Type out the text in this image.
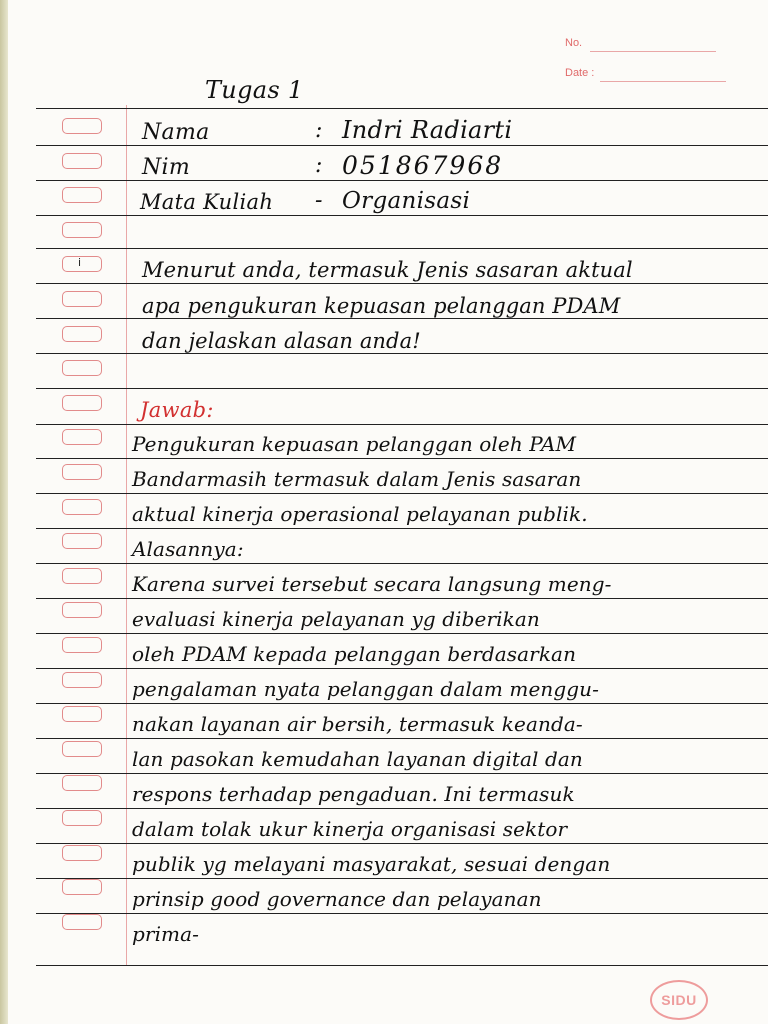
No.
Date :
Tugas 1
Nama	: Indri Radiarti
Nim	: 051867968
Mata Kuliah - Organisasi
i	Menurut anda, termasuk Jenis sasaran aktual
apa pengukuran kepuasan pelanggan PDAM
dan jelaskan alasan anda!
Jawab:
Pengukuran kepuasan pelanggan oleh PAM
Bandarmasih termasuk dalam Jenis sasaran
aktual kinerja operasional pelayanan publik.
Alasannya:
Karena survei tersebut secara langsung meng-
evaluasi kinerja pelayanan yg diberikan
oleh PDAM kepada pelanggan berdasarkan
pengalaman nyata pelanggan dalam menggu-
nakan layanan air bersih, termasuk keanda-
lan pasokan kemudahan layanan digital dan
respons terhadap pengaduan. Ini termasuk
dalam tolak ukur kinerja organisasi sektor
publik yg melayani masyarakat, sesuai dengan
prinsip good governance dan pelayanan
prima-
SIDU
